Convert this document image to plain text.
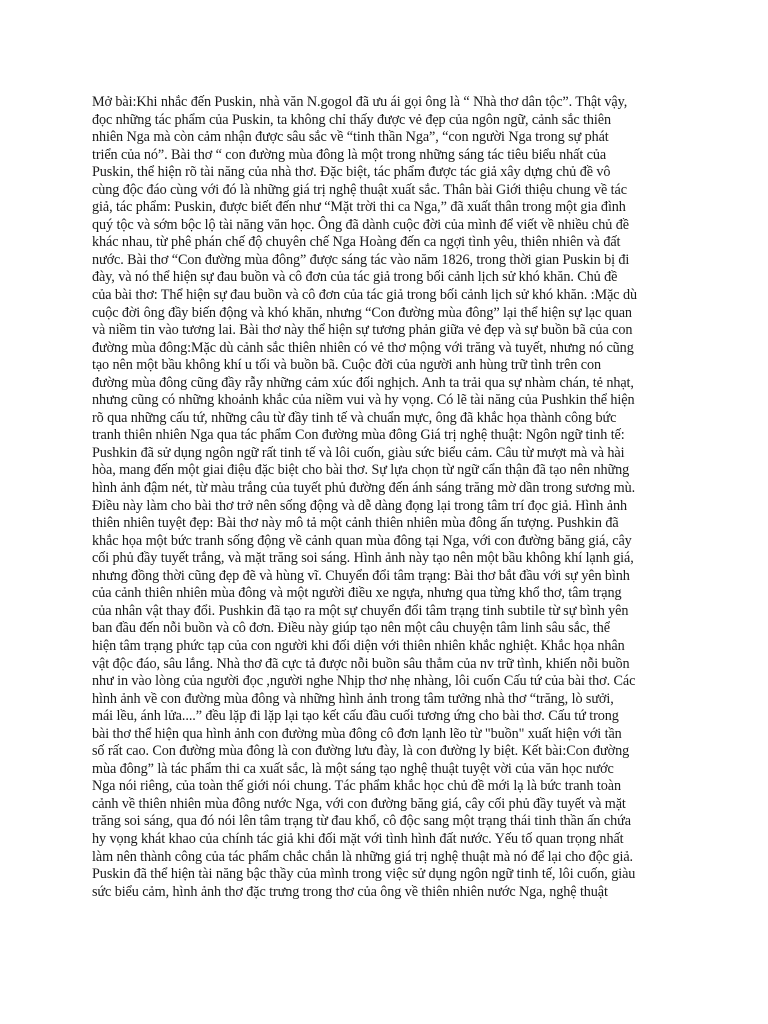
Mở bài:Khi nhắc đến Puskin, nhà văn N.gogol đã ưu ái gọi ông là “ Nhà thơ dân tộc”. Thật vậy,
đọc những tác phẩm của Puskin, ta không chỉ thấy được vẻ đẹp của ngôn ngữ, cảnh sắc thiên
nhiên Nga mà còn cảm nhận được sâu sắc về “tinh thần Nga”, “con người Nga trong sự phát
triển của nó”. Bài thơ “ con đường mùa đông là một trong những sáng tác tiêu biểu nhất của
Puskin, thể hiện rõ tài năng của nhà thơ. Đặc biệt, tác phẩm được tác giả xây dựng chủ đề vô
cùng độc đáo cùng với đó là những giá trị nghệ thuật xuất sắc. Thân bài Giới thiệu chung về tác
giả, tác phẩm: Puskin, được biết đến như “Mặt trời thi ca Nga,” đã xuất thân trong một gia đình
quý tộc và sớm bộc lộ tài năng văn học. Ông đã dành cuộc đời của mình để viết về nhiều chủ đề
khác nhau, từ phê phán chế độ chuyên chế Nga Hoàng đến ca ngợi tình yêu, thiên nhiên và đất
nước. Bài thơ “Con đường mùa đông” được sáng tác vào năm 1826, trong thời gian Puskin bị đi
đày, và nó thể hiện sự đau buồn và cô đơn của tác giả trong bối cảnh lịch sử khó khăn. Chủ đề
của bài thơ: Thể hiện sự đau buồn và cô đơn của tác giả trong bối cảnh lịch sử khó khăn. :Mặc dù
cuộc đời ông đầy biến động và khó khăn, nhưng “Con đường mùa đông” lại thể hiện sự lạc quan
và niềm tin vào tương lai. Bài thơ này thể hiện sự tương phản giữa vẻ đẹp và sự buồn bã của con
đường mùa đông:Mặc dù cảnh sắc thiên nhiên có vẻ thơ mộng với trăng và tuyết, nhưng nó cũng
tạo nên một bầu không khí u tối và buồn bã. Cuộc đời của người anh hùng trữ tình trên con
đường mùa đông cũng đầy rẫy những cảm xúc đối nghịch. Anh ta trải qua sự nhàm chán, tẻ nhạt,
nhưng cũng có những khoảnh khắc của niềm vui và hy vọng. Có lẽ tài năng của Pushkin thể hiện
rõ qua những cấu tứ, những câu từ đầy tinh tế và chuẩn mực, ông đã khắc họa thành công bức
tranh thiên nhiên Nga qua tác phẩm Con đường mùa đông Giá trị nghệ thuật: Ngôn ngữ tinh tế:
Pushkin đã sử dụng ngôn ngữ rất tinh tế và lôi cuốn, giàu sức biểu cảm. Câu từ mượt mà và hài
hòa, mang đến một giai điệu đặc biệt cho bài thơ. Sự lựa chọn từ ngữ cẩn thận đã tạo nên những
hình ảnh đậm nét, từ màu trắng của tuyết phủ đường đến ánh sáng trăng mờ dần trong sương mù.
Điều này làm cho bài thơ trở nên sống động và dễ dàng đọng lại trong tâm trí đọc giả. Hình ảnh
thiên nhiên tuyệt đẹp: Bài thơ này mô tả một cảnh thiên nhiên mùa đông ấn tượng. Pushkin đã
khắc họa một bức tranh sống động về cảnh quan mùa đông tại Nga, với con đường băng giá, cây
cối phủ đầy tuyết trắng, và mặt trăng soi sáng. Hình ảnh này tạo nên một bầu không khí lạnh giá,
nhưng đồng thời cũng đẹp đẽ và hùng vĩ. Chuyển đổi tâm trạng: Bài thơ bắt đầu với sự yên bình
của cảnh thiên nhiên mùa đông và một người điều xe ngựa, nhưng qua từng khổ thơ, tâm trạng
của nhân vật thay đổi. Pushkin đã tạo ra một sự chuyển đổi tâm trạng tinh subtile từ sự bình yên
ban đầu đến nỗi buồn và cô đơn. Điều này giúp tạo nên một câu chuyện tâm linh sâu sắc, thể
hiện tâm trạng phức tạp của con người khi đối diện với thiên nhiên khắc nghiệt. Khắc họa nhân
vật độc đáo, sâu lắng. Nhà thơ đã cực tả được nỗi buồn sâu thẳm của nv trữ tình, khiến nỗi buồn
như in vào lòng của người đọc ,người nghe Nhịp thơ nhẹ nhàng, lôi cuốn Cấu tứ của bài thơ. Các
hình ảnh về con đường mùa đông và những hình ảnh trong tâm tưởng nhà thơ “trăng, lò sưởi,
mái lều, ánh lửa....” đều lặp đi lặp lại tạo kết cấu đầu cuối tương ứng cho bài thơ. Cấu tứ trong
bài thơ thể hiện qua hình ảnh con đường mùa đông cô đơn lạnh lẽo từ "buồn" xuất hiện với tần
số rất cao. Con đường mùa đông là con đường lưu đày, là con đường ly biệt. Kết bài:Con đường
mùa đông” là tác phẩm thi ca xuất sắc, là một sáng tạo nghệ thuật tuyệt vời của văn học nước
Nga nói riêng, của toàn thế giới nói chung. Tác phẩm khắc học chủ đề mới lạ là bức tranh toàn
cảnh về thiên nhiên mùa đông nước Nga, với con đường băng giá, cây cối phủ đầy tuyết và mặt
trăng soi sáng, qua đó nói lên tâm trạng từ đau khổ, cô độc sang một trạng thái tinh thần ấn chứa
hy vọng khát khao của chính tác giả khi đối mặt với tình hình đất nước. Yếu tố quan trọng nhất
làm nên thành công của tác phẩm chắc chắn là những giá trị nghệ thuật mà nó để lại cho độc giả.
Puskin đã thể hiện tài năng bậc thầy của mình trong việc sử dụng ngôn ngữ tinh tế, lôi cuốn, giàu
sức biểu cảm, hình ảnh thơ đặc trưng trong thơ của ông về thiên nhiên nước Nga, nghệ thuật
